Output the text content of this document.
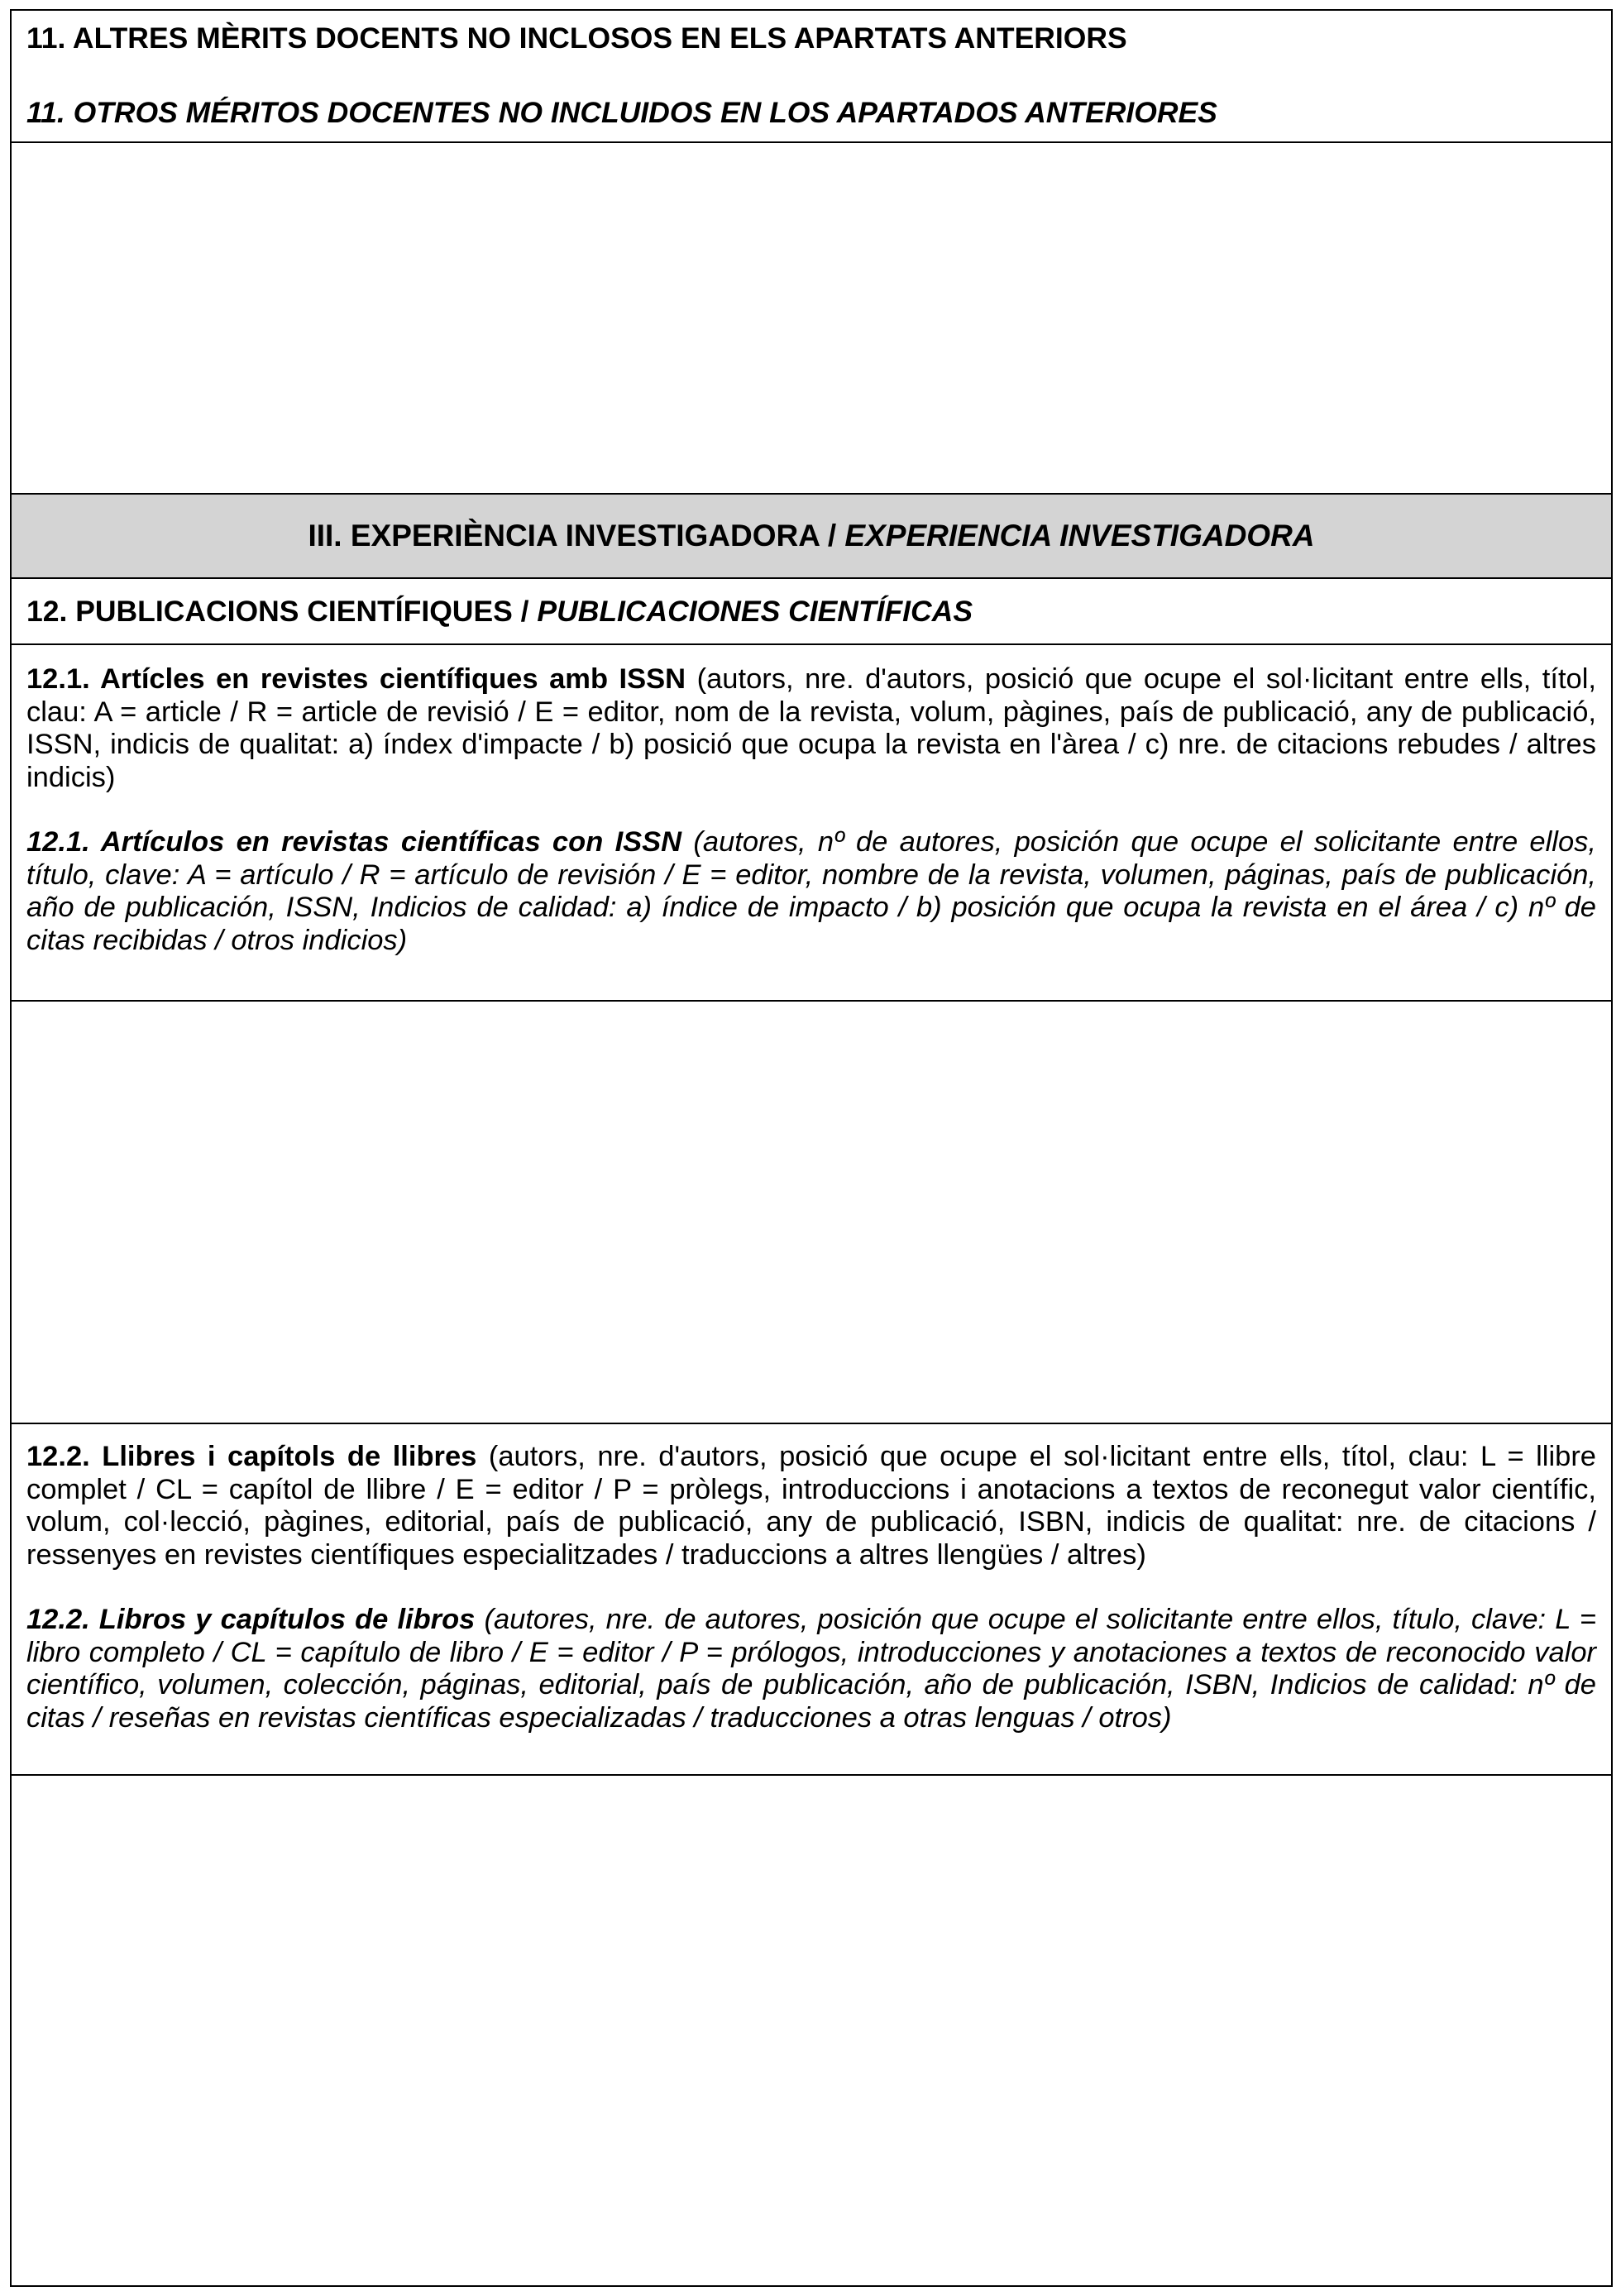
11. ALTRES MÈRITS DOCENTS NO INCLOSOS EN ELS APARTATS ANTERIORS

11. OTROS MÉRITOS DOCENTES NO INCLUIDOS EN LOS APARTADOS ANTERIORES

III. EXPERIÈNCIA INVESTIGADORA / EXPERIENCIA INVESTIGADORA

12. PUBLICACIONS CIENTÍFIQUES / PUBLICACIONES CIENTÍFICAS

12.1. Artícles en revistes científiques amb ISSN (autors, nre. d'autors, posició que ocupe el sol·licitant entre ells, títol, clau: A = article / R = article de revisió / E = editor, nom de la revista, volum, pàgines, país de publicació, any de publicació, ISSN, indicis de qualitat: a) índex d'impacte / b) posició que ocupa la revista en l'àrea / c) nre. de citacions rebudes / altres indicis)

12.1. Artículos en revistas científicas con ISSN (autores, nº de autores, posición que ocupe el solicitante entre ellos, título, clave: A = artículo / R = artículo de revisión / E = editor, nombre de la revista, volumen, páginas, país de publicación, año de publicación, ISSN, Indicios de calidad: a) índice de impacto / b) posición que ocupa la revista en el área / c) nº de citas recibidas / otros indicios)

12.2. Llibres i capítols de llibres (autors, nre. d'autors, posició que ocupe el sol·licitant entre ells, títol, clau: L = llibre complet / CL = capítol de llibre / E = editor / P = pròlegs, introduccions i anotacions a textos de reconegut valor científic, volum, col·lecció, pàgines, editorial, país de publicació, any de publicació, ISBN, indicis de qualitat: nre. de citacions / ressenyes en revistes científiques especialitzades / traduccions a altres llengües / altres)

12.2. Libros y capítulos de libros (autores, nre. de autores, posición que ocupe el solicitante entre ellos, título, clave: L = libro completo / CL = capítulo de libro / E = editor / P = prólogos, introducciones y anotaciones a textos de reconocido valor científico, volumen, colección, páginas, editorial, país de publicación, año de publicación, ISBN, Indicios de calidad: nº de citas / reseñas en revistas científicas especializadas / traducciones a otras lenguas / otros)
